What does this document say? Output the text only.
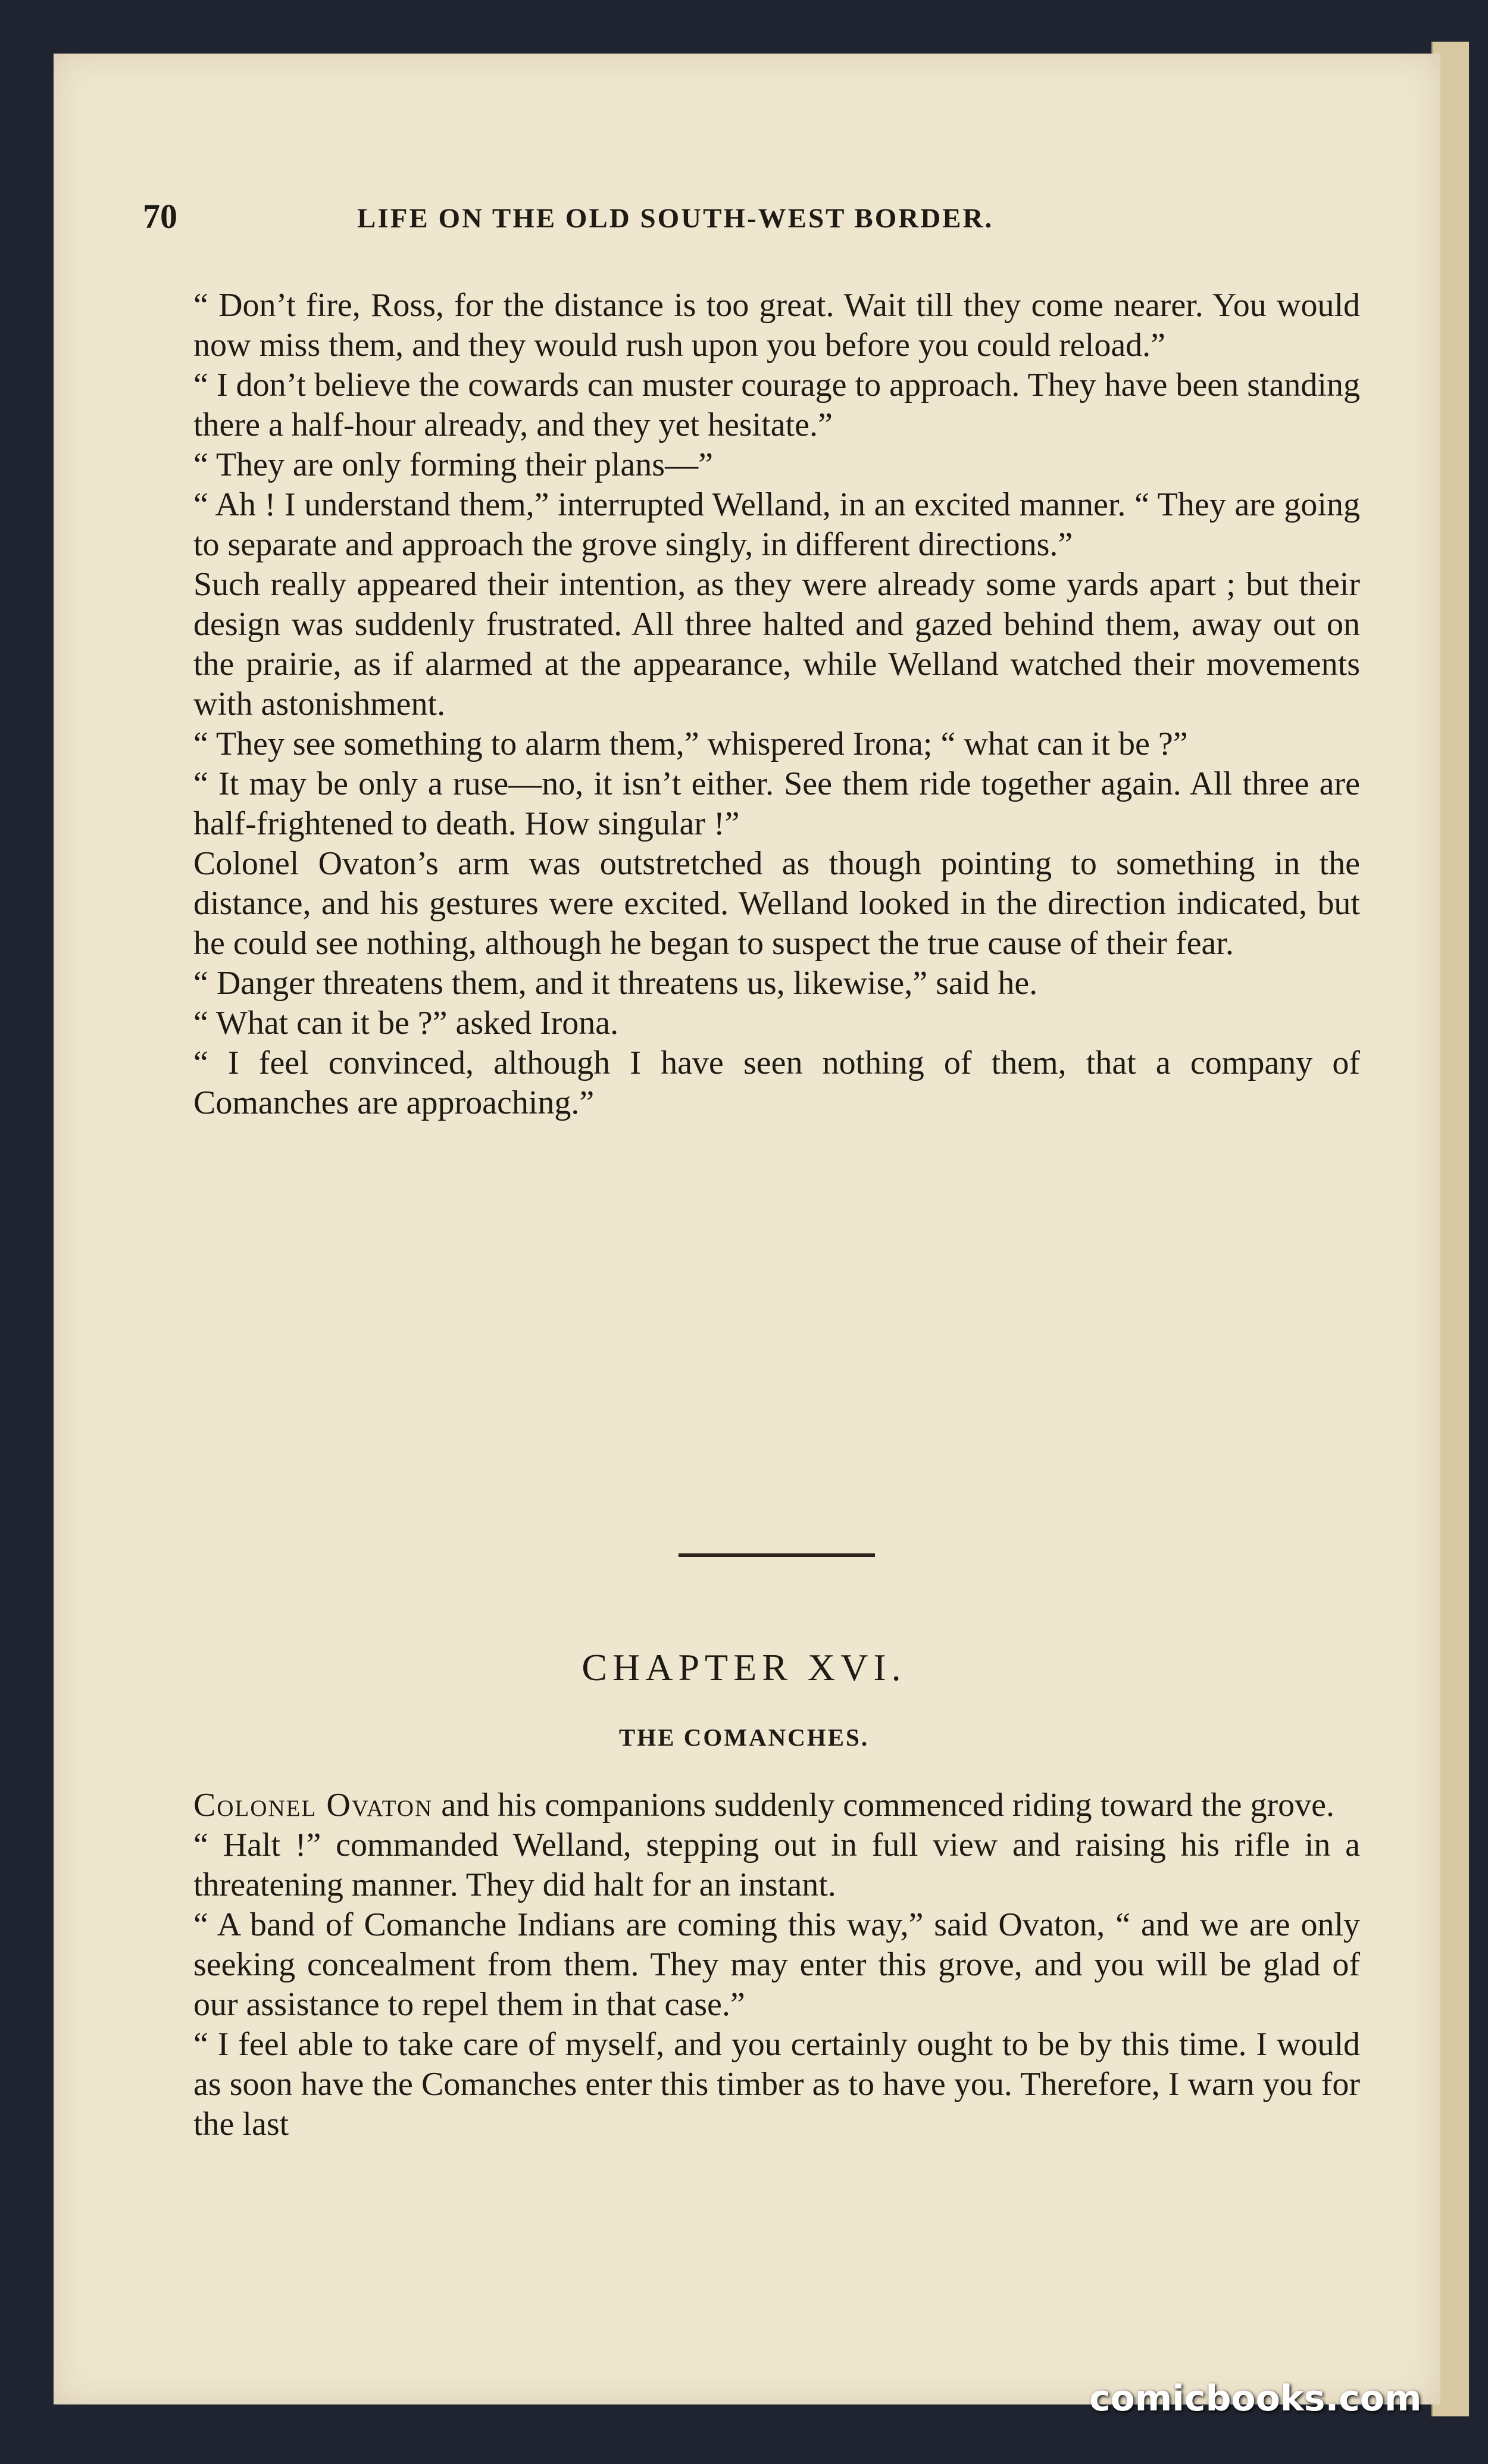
70	LIFE ON THE OLD SOUTH-WEST BORDER.

“ Don’t fire, Ross, for the distance is too great. Wait till they come nearer. You would now miss them, and they would rush upon you before you could reload.”

“ I don’t believe the cowards can muster courage to approach. They have been standing there a half-hour already, and they yet hesitate.”

“ They are only forming their plans—”

“ Ah ! I understand them,” interrupted Welland, in an excited manner. “ They are going to separate and approach the grove singly, in different directions.”

Such really appeared their intention, as they were already some yards apart ; but their design was suddenly frustrated. All three halted and gazed behind them, away out on the prairie, as if alarmed at the appearance, while Welland watched their movements with astonishment.

“ They see something to alarm them,” whispered Irona; “ what can it be ?”

“ It may be only a ruse—no, it isn’t either. See them ride together again. All three are half-frightened to death. How singular !”

Colonel Ovaton’s arm was outstretched as though pointing to something in the distance, and his gestures were excited. Welland looked in the direction indicated, but he could see nothing, although he began to suspect the true cause of their fear.

“ Danger threatens them, and it threatens us, likewise,” said he.

“ What can it be ?” asked Irona.

“ I feel convinced, although I have seen nothing of them, that a company of Comanches are approaching.”

CHAPTER XVI.
THE COMANCHES.

Colonel Ovaton and his companions suddenly commenced riding toward the grove.

“ Halt !” commanded Welland, stepping out in full view and raising his rifle in a threatening manner. They did halt for an instant.

“ A band of Comanche Indians are coming this way,” said Ovaton, “ and we are only seeking concealment from them. They may enter this grove, and you will be glad of our assistance to repel them in that case.”

“ I feel able to take care of myself, and you certainly ought to be by this time. I would as soon have the Comanches enter this timber as to have you. Therefore, I warn you for the last

comicbooks.com
